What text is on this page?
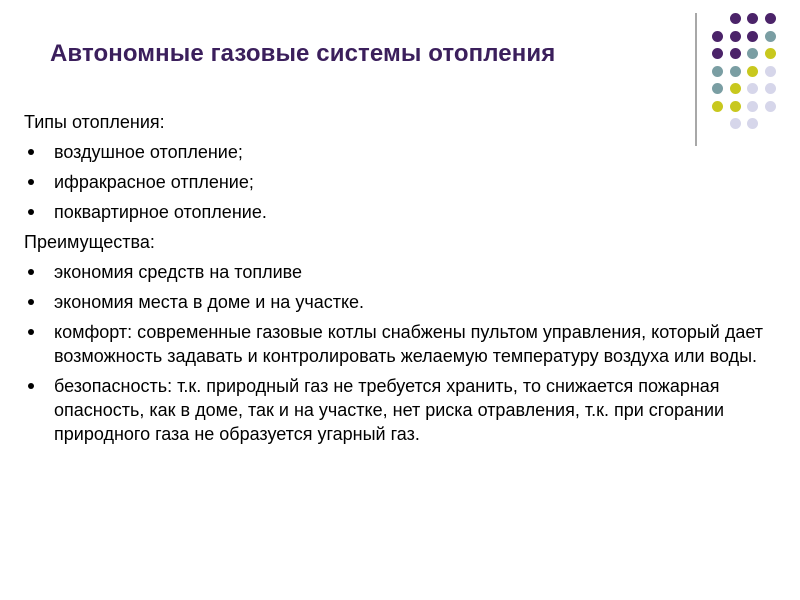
Автономные газовые системы отопления
Типы отопления:
воздушное отопление;
ифракрасное отпление;
поквартирное отопление.
Преимущества:
экономия средств на топливе
экономия места в доме и на участке.
комфорт: современные газовые котлы снабжены пультом управления, который дает возможность задавать и контролировать желаемую температуру воздуха или воды.
безопасность: т.к. природный газ не требуется хранить, то снижается пожарная опасность, как в доме, так и на участке, нет риска отравления, т.к. при сгорании природного газа не образуется угарный газ.
